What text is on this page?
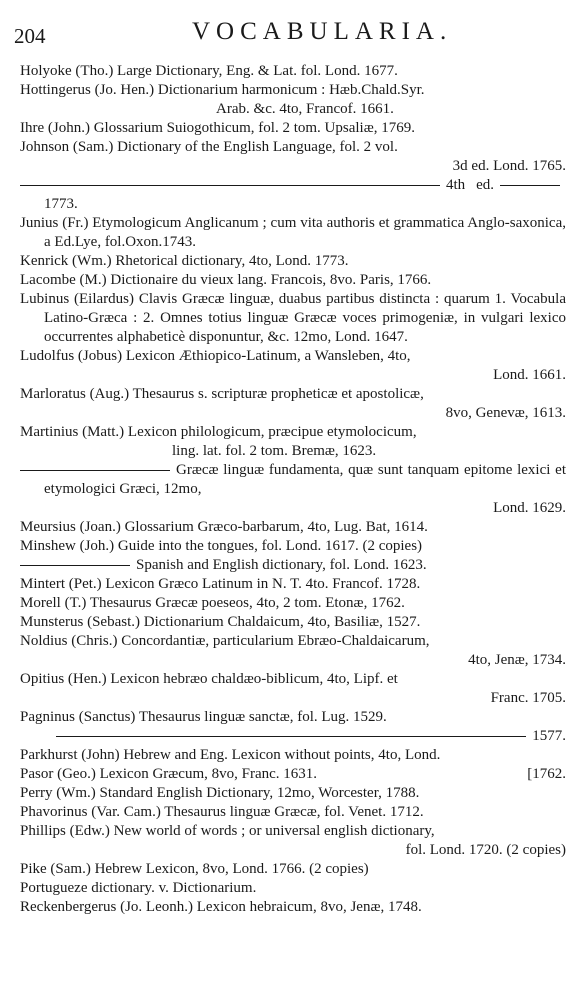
204	VOCABULARIA.

Holyoke (Tho.) Large Dictionary, Eng. & Lat. fol. Lond. 1677.

Hottingerus (Jo. Hen.) Dictionarium harmonicum : Hæb.Chald.Syr.
Arab. &c. 4to, Francof. 1661.

Ihre (John.) Glossarium Suiogothicum, fol. 2 tom. Upsaliæ, 1769.

Johnson (Sam.) Dictionary of the English Language, fol. 2 vol.
3d ed. Lond. 1765.

4th ed.1773.

Junius (Fr.) Etymologicum Anglicanum ; cum vita authoris et grammatica Anglo-saxonica, a Ed.Lye, fol.Oxon.1743.

Kenrick (Wm.) Rhetorical dictionary, 4to, Lond. 1773.

Lacombe (M.) Dictionaire du vieux lang. Francois, 8vo. Paris, 1766.

Lubinus (Eilardus) Clavis Græcæ linguæ, duabus partibus distincta : quarum 1. Vocabula Latino-Græca : 2. Omnes totius linguæ Græcæ voces primogeniæ, in vulgari lexico occurrentes alphabeticè disponuntur, &c. 12mo, Lond. 1647.

Ludolfus (Jobus) Lexicon Æthiopico-Latinum, a Wansleben, 4to,
Lond. 1661.

Marloratus (Aug.) Thesaurus s. scripturæ propheticæ et apostolicæ,
8vo, Genevæ, 1613.

Martinius (Matt.) Lexicon philologicum, præcipue etymolocicum,
ling. lat. fol. 2 tom. Bremæ, 1623.

Græcæ linguæ fundamenta, quæ sunt tanquam epitome lexici et etymologici Græci, 12mo,
Lond. 1629.

Meursius (Joan.) Glossarium Græco-barbarum, 4to, Lug. Bat, 1614.

Minshew (Joh.) Guide into the tongues, fol. Lond. 1617. (2 copies)

Spanish and English dictionary, fol. Lond. 1623.

Mintert (Pet.) Lexicon Græco Latinum in N. T. 4to. Francof. 1728.

Morell (T.) Thesaurus Græcæ poeseos, 4to, 2 tom. Etonæ, 1762.

Munsterus (Sebast.) Dictionarium Chaldaicum, 4to, Basiliæ, 1527.

Noldius (Chris.) Concordantiæ, particularium Ebræo-Chaldaicarum,
4to, Jenæ, 1734.

Opitius (Hen.) Lexicon hebræo chaldæo-biblicum, 4to, Lipf. et
Franc. 1705.

Pagninus (Sanctus) Thesaurus linguæ sanctæ, fol. Lug. 1529.

1577.

Parkhurst (John) Hebrew and Eng. Lexicon without points, 4to, Lond.

Pasor (Geo.) Lexicon Græcum, 8vo, Franc. 1631.	[1762.

Perry (Wm.) Standard English Dictionary, 12mo, Worcester, 1788.

Phavorinus (Var. Cam.) Thesaurus linguæ Græcæ, fol. Venet. 1712.

Phillips (Edw.) New world of words ; or universal english dictionary,
fol. Lond. 1720. (2 copies)

Pike (Sam.) Hebrew Lexicon, 8vo, Lond. 1766. (2 copies)

Portugueze dictionary. v. Dictionarium.

Reckenbergerus (Jo. Leonh.) Lexicon hebraicum, 8vo, Jenæ, 1748.
